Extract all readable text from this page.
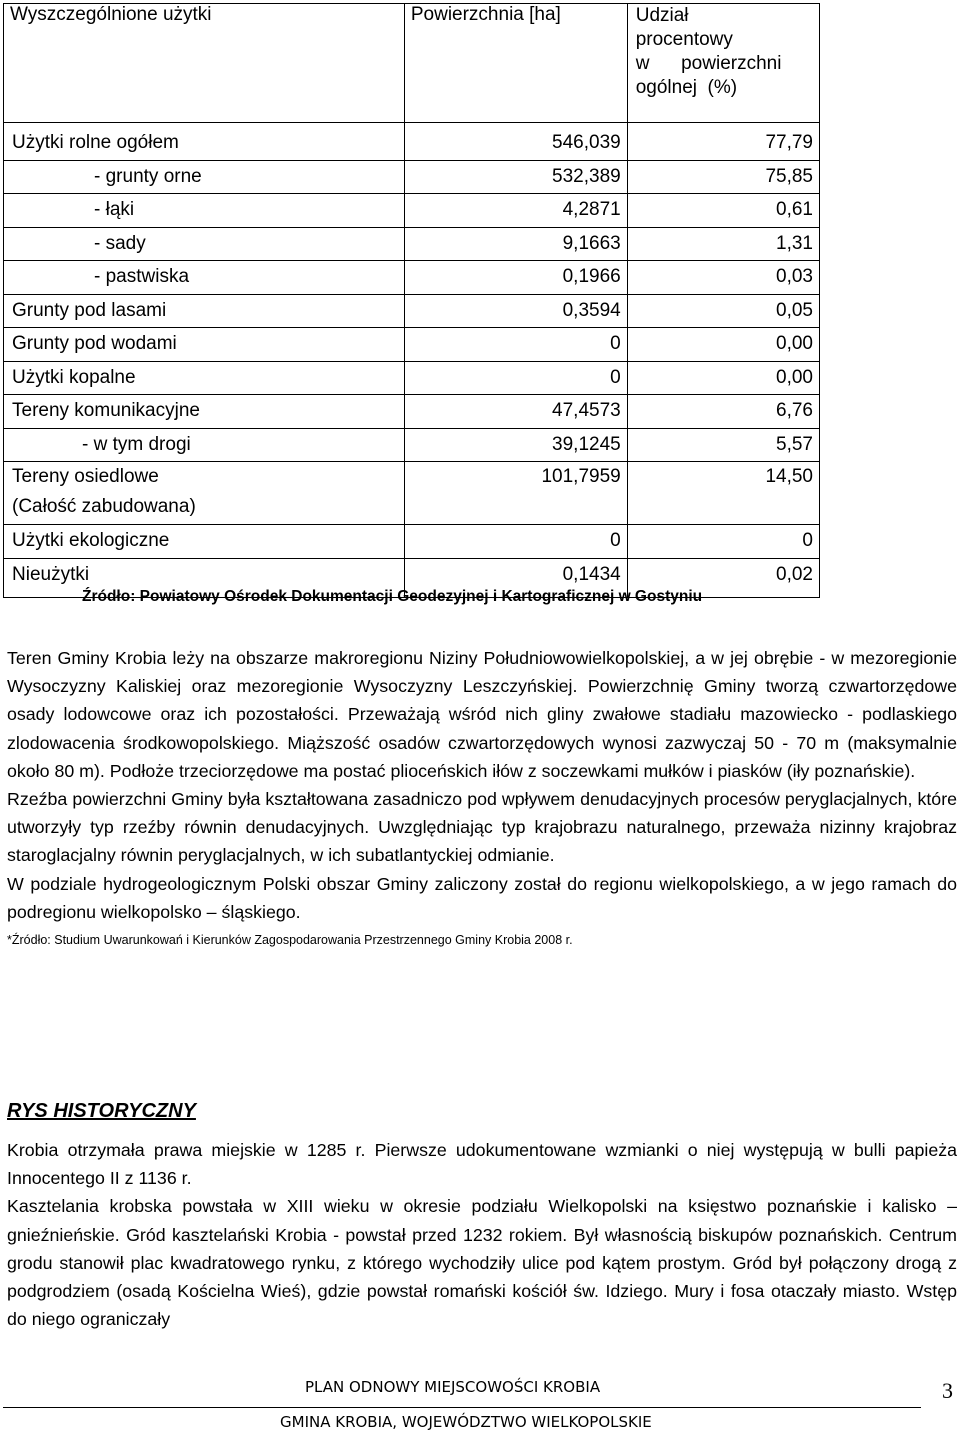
Wyszczególnione użytki	Powierzchnia [ha]	Udział
procentowy
w      powierzchni
ogólnej  (%)

Użytki rolne ogółem	546,039	77,79
- grunty orne	532,389	75,85
- łąki	4,2871	0,61
- sady	9,1663	1,31
- pastwiska	0,1966	0,03
Grunty pod lasami	0,3594	0,05
Grunty pod wodami	0	0,00
Użytki kopalne	0	0,00
Tereny komunikacyjne	47,4573	6,76
- w tym drogi	39,1245	5,57

Tereny osiedlowe
(Całość zabudowana)	101,7959	14,50
Użytki ekologiczne	0	0
Nieużytki	0,1434	0,02
Źródło: Powiatowy Ośrodek Dokumentacji Geodezyjnej i Kartograficznej w Gostyniu

Teren Gminy Krobia leży na obszarze makroregionu Niziny Południowowielkopolskiej, a w jej obrębie - w mezoregionie Wysoczyzny Kaliskiej oraz mezoregionie Wysoczyzny Leszczyńskiej. Powierzchnię Gminy tworzą czwartorzędowe osady lodowcowe oraz ich pozostałości. Przeważają wśród nich gliny zwałowe stadiału mazowiecko - podlaskiego zlodowacenia środkowopolskiego. Miąższość osadów czwartorzędowych wynosi zazwyczaj 50 - 70 m (maksymalnie około 80 m). Podłoże trzeciorzędowe ma postać plioceńskich iłów z soczewkami mułków i piasków (iły poznańskie).

Rzeźba powierzchni Gminy była kształtowana zasadniczo pod wpływem denudacyjnych procesów peryglacjalnych, które utworzyły typ rzeźby równin denudacyjnych. Uwzględniając typ krajobrazu naturalnego, przeważa nizinny krajobraz staroglacjalny równin peryglacjalnych, w ich subatlantyckiej odmianie.

W podziale hydrogeologicznym Polski obszar Gminy zaliczony został do regionu wielkopolskiego, a w jego ramach do podregionu wielkopolsko – śląskiego.

*Źródło: Studium Uwarunkowań i Kierunków Zagospodarowania Przestrzennego Gminy Krobia 2008 r.

RYS HISTORYCZNY

Krobia otrzymała prawa miejskie w 1285 r. Pierwsze udokumentowane wzmianki o niej występują w bulli papieża Innocentego II z 1136 r.

Kasztelania krobska powstała w XIII wieku w okresie podziału Wielkopolski na księstwo poznańskie i kalisko – gnieźnieńskie. Gród kasztelański Krobia - powstał przed 1232 rokiem. Był własnością biskupów poznańskich. Centrum grodu stanowił plac kwadratowego rynku, z którego wychodziły ulice pod kątem prostym. Gród był połączony drogą z podgrodziem (osadą Kościelna Wieś), gdzie powstał romański kościół św. Idziego. Mury i fosa otaczały miasto. Wstęp do niego ograniczały

PLAN ODNOWY MIEJSCOWOŚCI KROBIA
GMINA KROBIA, WOJEWÓDZTWO WIELKOPOLSKIE
3
